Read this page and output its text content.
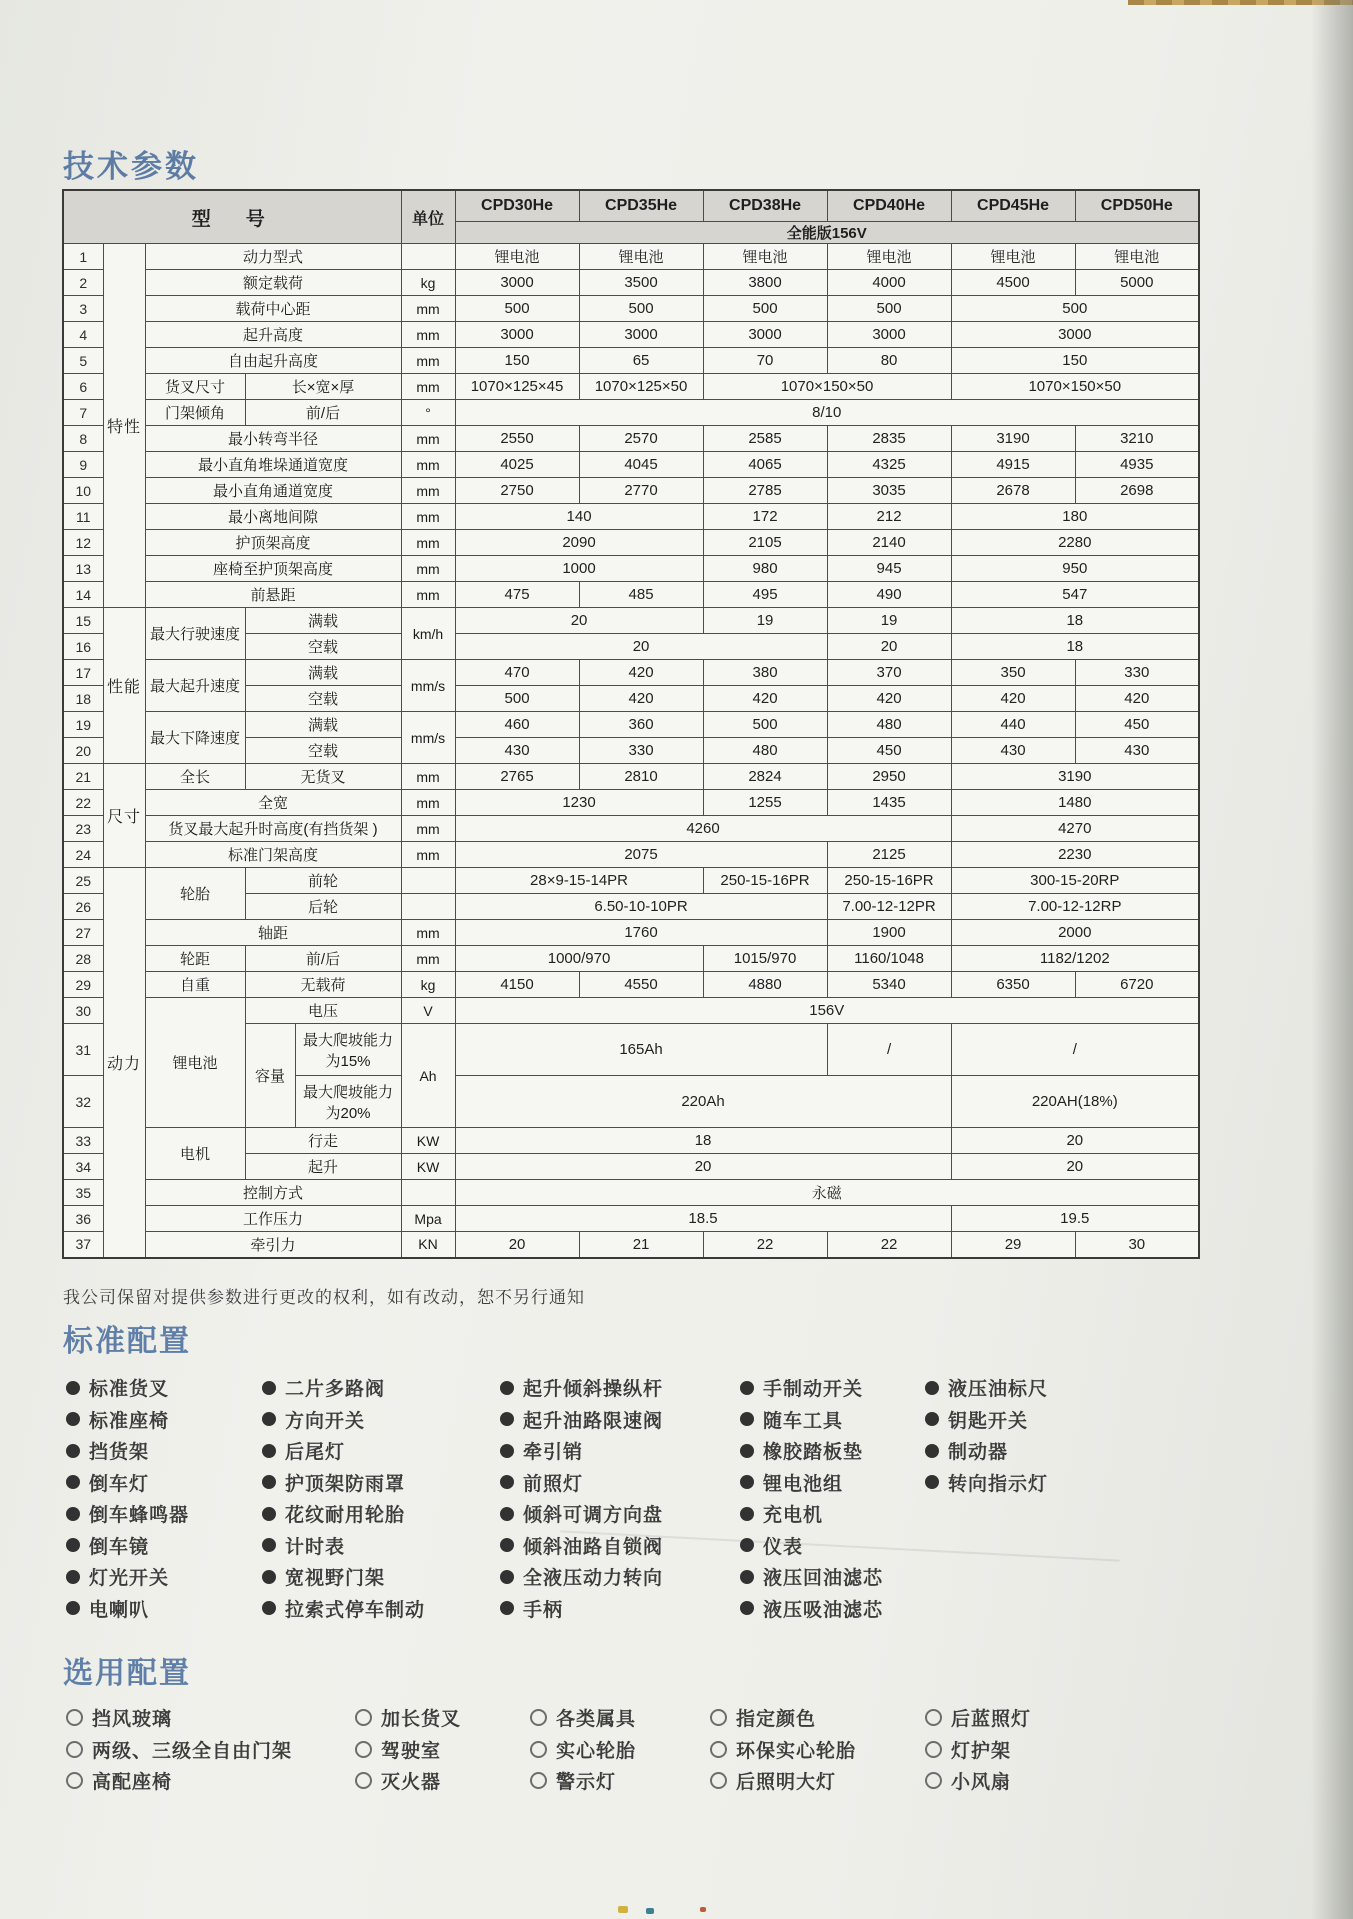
技术参数
型　号					单位	CPD30He	CPD35He	CPD38He	CPD40He	CPD45He	CPD50He
						全能版156V					
1	特性	动力型式				锂电池	锂电池	锂电池	锂电池	锂电池	锂电池
2		额定载荷			kg	3000	3500	3800	4000	4500	5000
3		载荷中心距			mm	500	500	500	500	500	
4		起升高度			mm	3000	3000	3000	3000	3000	
5		自由起升高度			mm	150	65	70	80	150	
6		货叉尺寸	长×宽×厚		mm	1070×125×45	1070×125×50	1070×150×50		1070×150×50	
7		门架倾角	前/后		°	8/10					
8		最小转弯半径			mm	2550	2570	2585	2835	3190	3210
9		最小直角堆垛通道宽度			mm	4025	4045	4065	4325	4915	4935
10		最小直角通道宽度			mm	2750	2770	2785	3035	2678	2698
11		最小离地间隙			mm	140		172	212	180	
12		护顶架高度			mm	2090		2105	2140	2280	
13		座椅至护顶架高度			mm	1000		980	945	950	
14		前悬距			mm	475	485	495	490	547	
15	性能	最大行驶速度	满载		km/h	20		19	19	18	
16			空载			20			20	18	
17		最大起升速度	满载		mm/s	470	420	380	370	350	330
18			空载			500	420	420	420	420	420
19		最大下降速度	满载		mm/s	460	360	500	480	440	450
20			空载			430	330	480	450	430	430
21	尺寸	全长	无货叉		mm	2765	2810	2824	2950	3190	
22		全宽			mm	1230		1255	1435	1480	
23		货叉最大起升时高度(有挡货架 )			mm	4260				4270	
24		标准门架高度			mm	2075			2125	2230	
25	动力	轮胎	前轮			28×9-15-14PR		250-15-16PR	250-15-16PR	300-15-20RP	
26			后轮			6.50-10-10PR			7.00-12-12PR	7.00-12-12RP	
27		轴距			mm	1760			1900	2000	
28		轮距	前/后		mm	1000/970		1015/970	1160/1048	1182/1202	
29		自重	无载荷		kg	4150	4550	4880	5340	6350	6720
30		锂电池	电压		V	156V					
31			容量	最大爬坡能力为15%	Ah	165Ah			/	/	
32				最大爬坡能力为20%		220Ah				220AH(18%)	
33		电机	行走		KW	18				20	
34			起升		KW	20				20	
35		控制方式				永磁					
36		工作压力			Mpa	18.5				19.5	
37		牵引力			KN	20	21	22	22	29	30
我公司保留对提供参数进行更改的权利，如有改动，恕不另行通知
标准配置
标准货叉
标准座椅
挡货架
倒车灯
倒车蜂鸣器
倒车镜
灯光开关
电喇叭
二片多路阀
方向开关
后尾灯
护顶架防雨罩
花纹耐用轮胎
计时表
宽视野门架
拉索式停车制动
起升倾斜操纵杆
起升油路限速阀
牵引销
前照灯
倾斜可调方向盘
倾斜油路自锁阀
全液压动力转向
手柄
手制动开关
随车工具
橡胶踏板垫
锂电池组
充电机
仪表
液压回油滤芯
液压吸油滤芯
液压油标尺
钥匙开关
制动器
转向指示灯
选用配置
挡风玻璃
两级、三级全自由门架
高配座椅
加长货叉
驾驶室
灭火器
各类属具
实心轮胎
警示灯
指定颜色
环保实心轮胎
后照明大灯
后蓝照灯
灯护架
小风扇
